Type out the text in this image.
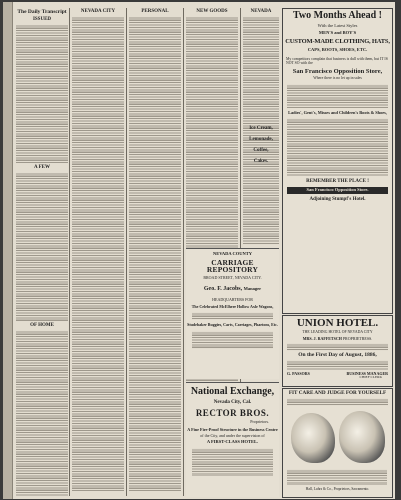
The Daily Transcript
ISSUED
A FEW
OF HOME
NEVADA CITY	PERSONAL	NEW GOODS	NEVADA
Ice Cream,
Lemonade,
Coffee,
Cakes.
Two Months Ahead !
With the Latest Styles
MEN'S and BOY'S
CUSTOM-MADE CLOTHING, HATS,
CAPS, BOOTS, SHOES, ETC.
My competitors complain that business is dull with them, but IT IS NOT SO with the
San Francisco Opposition Store,
Where there is no let up in sales
Ladies', Gent's, Misses and Children's Boots & Shoes,
REMEMBER THE PLACE !
San Francisco Opposition Store.
Adjoining Stumpf's Hotel.
UNION HOTEL.
THE LEADING HOTEL OF NEVADA CITY
MRS. J. RAFFETSCH PROPRIETRESS.
On the First Day of August, 1886,
G. PASSORS	BUSINESS MANAGER
CHIEF CLERK
FIT CARE AND JUDGE FOR YOURSELF
Hall, Luhrs & Co., Proprietors, Sacramento.
NEVADA COUNTY
CARRIAGE REPOSITORY
BROAD STREET, NEVADA CITY.
Geo. F. Jacobs, Manager
HEADQUARTERS FOR
The Celebrated McElhere Hollow Axle Wagons,
Studebaker Buggies, Carts, Carriages, Phaetons, Etc.
National Exchange,
Nevada City, Cal.
RECTOR BROS.
Proprietors.
A Fine Fire-Proof Structure in the Business Centre
of the City, and under the supervision of
A FIRST-CLASS HOTEL.
